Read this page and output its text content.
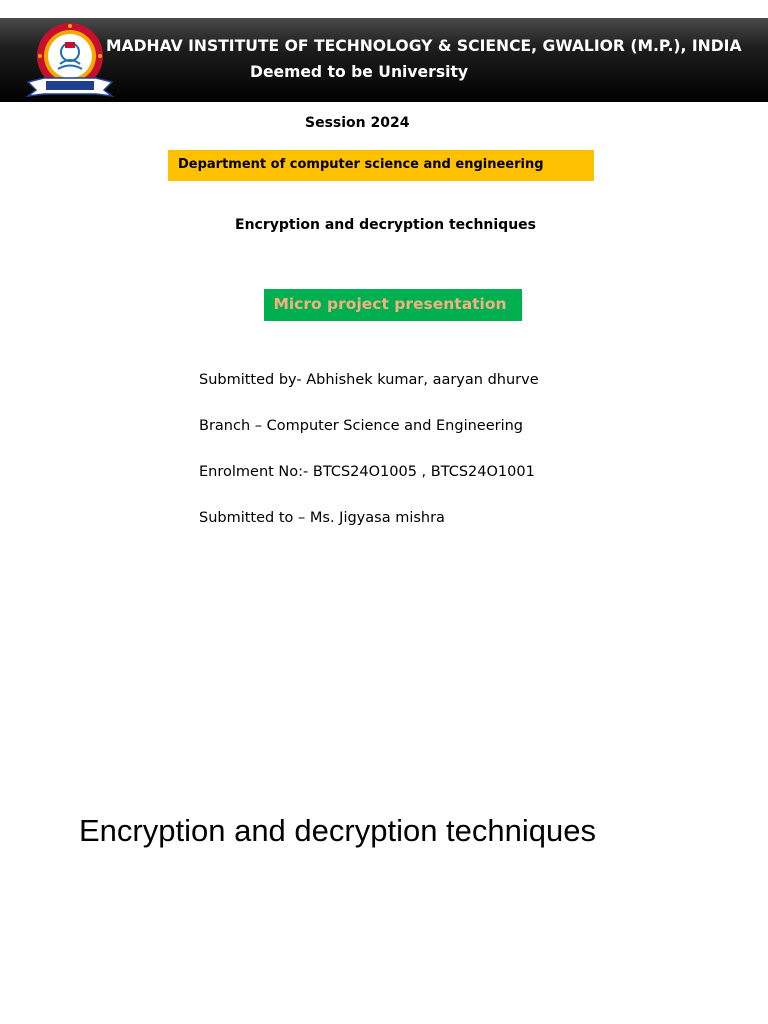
MADHAV INSTITUTE OF TECHNOLOGY & SCIENCE, GWALIOR (M.P.), INDIA
Deemed to be University
Session 2024
Department of computer science and engineering
Encryption and decryption techniques
Micro project presentation
Submitted by- Abhishek kumar, aaryan dhurve
Branch – Computer Science and Engineering
Enrolment No:- BTCS24O1005 , BTCS24O1001
Submitted to – Ms. Jigyasa mishra
Encryption and decryption techniques
